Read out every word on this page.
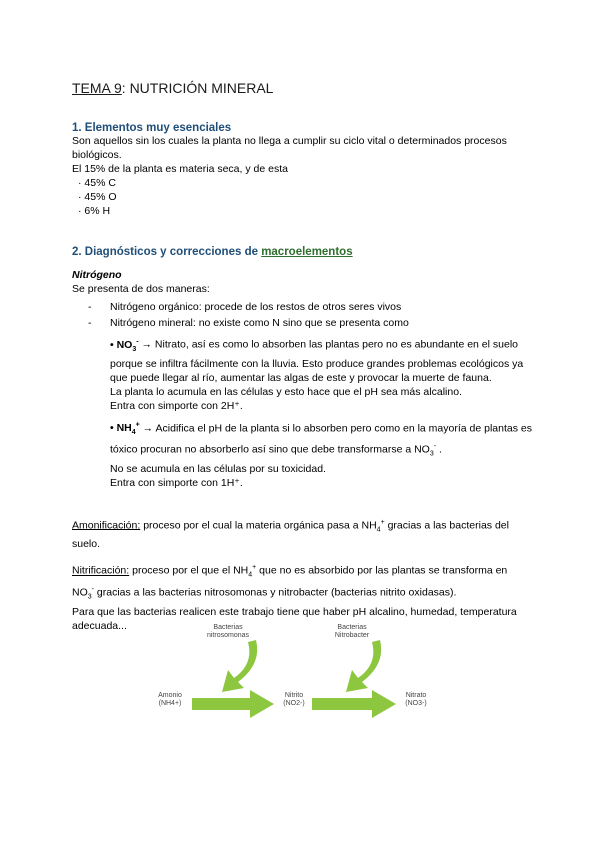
TEMA 9: NUTRICIÓN MINERAL
1. Elementos muy esenciales

Son aquellos sin los cuales la planta no llega a cumplir su ciclo vital o determinados procesos biológicos.

El 15% de la planta es materia seca, y de esta

· 45% C

· 45% O

· 6% H

2. Diagnósticos y correcciones de macroelementos

Nitrógeno

Se presenta de dos maneras:

- Nitrógeno orgánico: procede de los restos de otros seres vivos
- Nitrógeno mineral: no existe como N sino que se presenta como

• $NO_3^-$ → Nitrato, así es como lo absorben las plantas pero no es abundante en el suelo porque se infiltra fácilmente con la lluvia. Esto produce grandes problemas ecológicos ya que puede llegar al río, aumentar las algas de este y provocar la muerte de fauna.

La planta lo acumula en las células y esto hace que el pH sea más alcalino.

Entra con simporte con 2H⁺.

• $NH_4^+$ → Acidifica el pH de la planta si lo absorben pero como en la mayoría de plantas es tóxico procuran no absorberlo así sino que debe transformarse a $NO_3^-$ .

No se acumula en las células por su toxicidad.

Entra con simporte con 1H⁺.

Amonificación: proceso por el cual la materia orgánica pasa a $NH_4^+$ gracias a las bacterias del suelo.

Nitrificación: proceso por el que el $NH_4^+$ que no es absorbido por las plantas se transforma en $NO_3^-$ gracias a las bacterias nitrosomonas y nitrobacter (bacterias nitrito oxidasas).

Para que las bacterias realicen este trabajo tiene que haber pH alcalino, humedad, temperatura adecuada...	Bacterias
nitrosomonas
Bacterias
Nitrobacter
Amonio
(NH4+)
Nitrito
(NO2-)
Nitrato
(NO3-)
